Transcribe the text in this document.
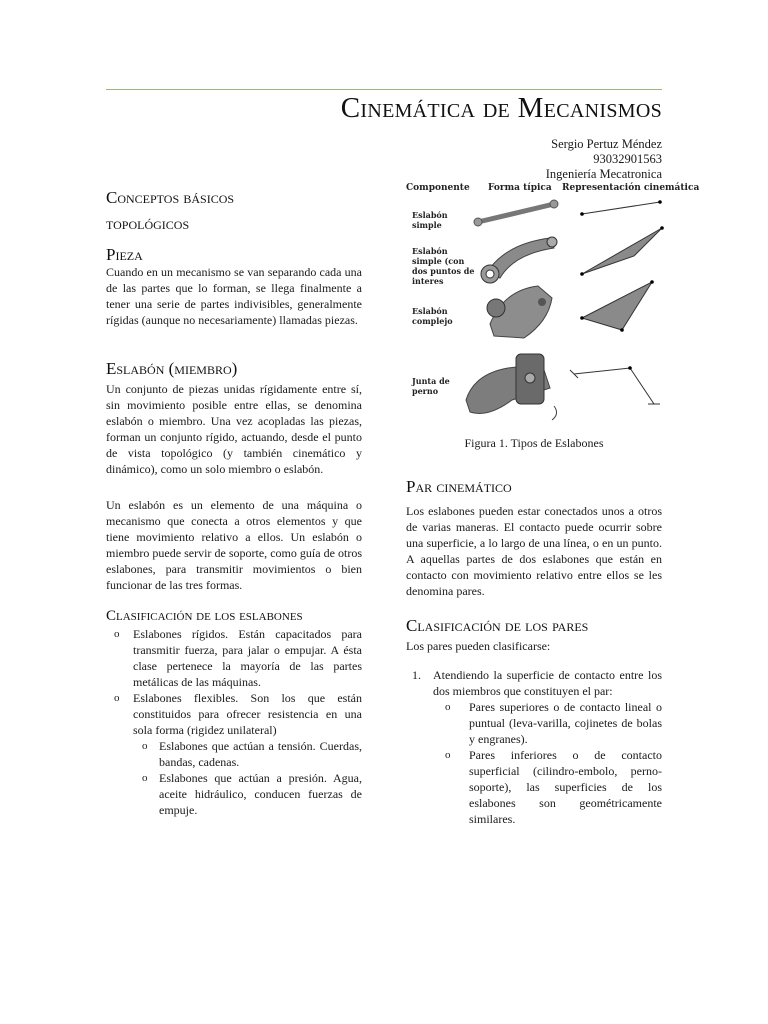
Cinemática de Mecanismos
Sergio Pertuz Méndez
93032901563
Ingeniería Mecatronica
Conceptos básicos
topológicos
Pieza

Cuando en un mecanismo se van separando cada una de las partes que lo forman, se llega finalmente a tener una serie de partes indivisibles, generalmente rígidas (aunque no necesariamente) llamadas piezas.

Eslabón (miembro)

Un conjunto de piezas unidas rígidamente entre sí, sin movimiento posible entre ellas, se denomina eslabón o miembro. Una vez acopladas las piezas, forman un conjunto rígido, actuando, desde el punto de vista topológico (y también cinemático y dinámico), como un solo miembro o eslabón.

Un eslabón es un elemento de una máquina o mecanismo que conecta a otros elementos y que tiene movimiento relativo a ellos. Un eslabón o miembro puede servir de soporte, como guía de otros eslabones, para transmitir movimientos o bien funcionar de las tres formas.

Clasificación de los eslabones
o Eslabones rígidos. Están capacitados para transmitir fuerza, para jalar o empujar. A ésta clase pertenece la mayoría de las partes metálicas de las máquinas.
o Eslabones flexibles. Son los que están constituidos para ofrecer resistencia en una sola forma (rigidez unilateral)
o Eslabones que actúan a tensión. Cuerdas, bandas, cadenas.
o Eslabones que actúan a presión. Agua, aceite hidráulico, conducen fuerzas de empuje.
Componente Forma típica Representación cinemática
Eslabón
simple
Eslabón
simple (con
dos puntos de
interes
Eslabón
complejo
Junta de
perno
Figura 1. Tipos de Eslabones
Par cinemático

Los eslabones pueden estar conectados unos a otros de varias maneras. El contacto puede ocurrir sobre una superficie, a lo largo de una línea, o en un punto. A aquellas partes de dos eslabones que están en contacto con movimiento relativo entre ellos se les denomina pares.

Clasificación de los pares

Los pares pueden clasificarse:

1. Atendiendo la superficie de contacto entre los dos miembros que constituyen el par:
o Pares superiores o de contacto lineal o puntual (leva-varilla, cojinetes de bolas y engranes).
o Pares inferiores o de contacto superficial (cilindro-embolo, perno-soporte), las superficies de los eslabones son geométricamente similares.
